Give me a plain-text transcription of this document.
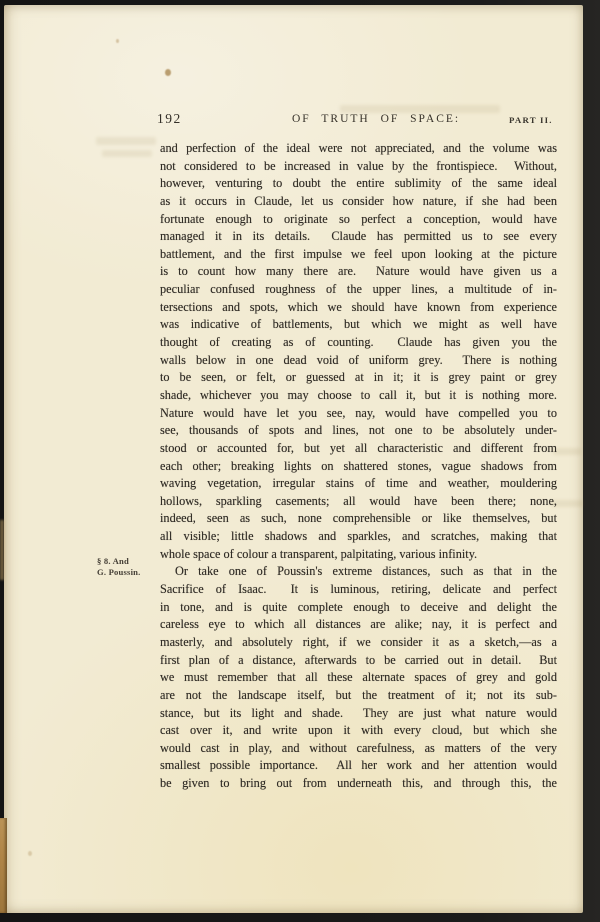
192	OF TRUTH OF SPACE:	PART II.
§ 8. And
G. Poussin.
and perfection of the ideal were not appreciated, and the volume was
not considered to be increased in value by the frontispiece.  Without,
however, venturing to doubt the entire sublimity of the same ideal
as it occurs in Claude, let us consider how nature, if she had been
fortunate enough to originate so perfect a conception, would have
managed it in its details.  Claude has permitted us to see every
battlement, and the first impulse we feel upon looking at the picture
is to count how many there are.  Nature would have given us a
peculiar confused roughness of the upper lines, a multitude of in-
tersections and spots, which we should have known from experience
was indicative of battlements, but which we might as well have
thought of creating as of counting.  Claude has given you the
walls below in one dead void of uniform grey.  There is nothing
to be seen, or felt, or guessed at in it; it is grey paint or grey
shade, whichever you may choose to call it, but it is nothing more.
Nature would have let you see, nay, would have compelled you to
see, thousands of spots and lines, not one to be absolutely under-
stood or accounted for, but yet all characteristic and different from
each other; breaking lights on shattered stones, vague shadows from
waving vegetation, irregular stains of time and weather, mouldering
hollows, sparkling casements; all would have been there; none,
indeed, seen as such, none comprehensible or like themselves, but
all visible; little shadows and sparkles, and scratches, making that
whole space of colour a transparent, palpitating, various infinity.
Or take one of Poussin's extreme distances, such as that in the
Sacrifice of Isaac.  It is luminous, retiring, delicate and perfect
in tone, and is quite complete enough to deceive and delight the
careless eye to which all distances are alike; nay, it is perfect and
masterly, and absolutely right, if we consider it as a sketch,—as a
first plan of a distance, afterwards to be carried out in detail.  But
we must remember that all these alternate spaces of grey and gold
are not the landscape itself, but the treatment of it; not its sub-
stance, but its light and shade.  They are just what nature would
cast over it, and write upon it with every cloud, but which she
would cast in play, and without carefulness, as matters of the very
smallest possible importance.  All her work and her attention would
be given to bring out from underneath this, and through this, the
